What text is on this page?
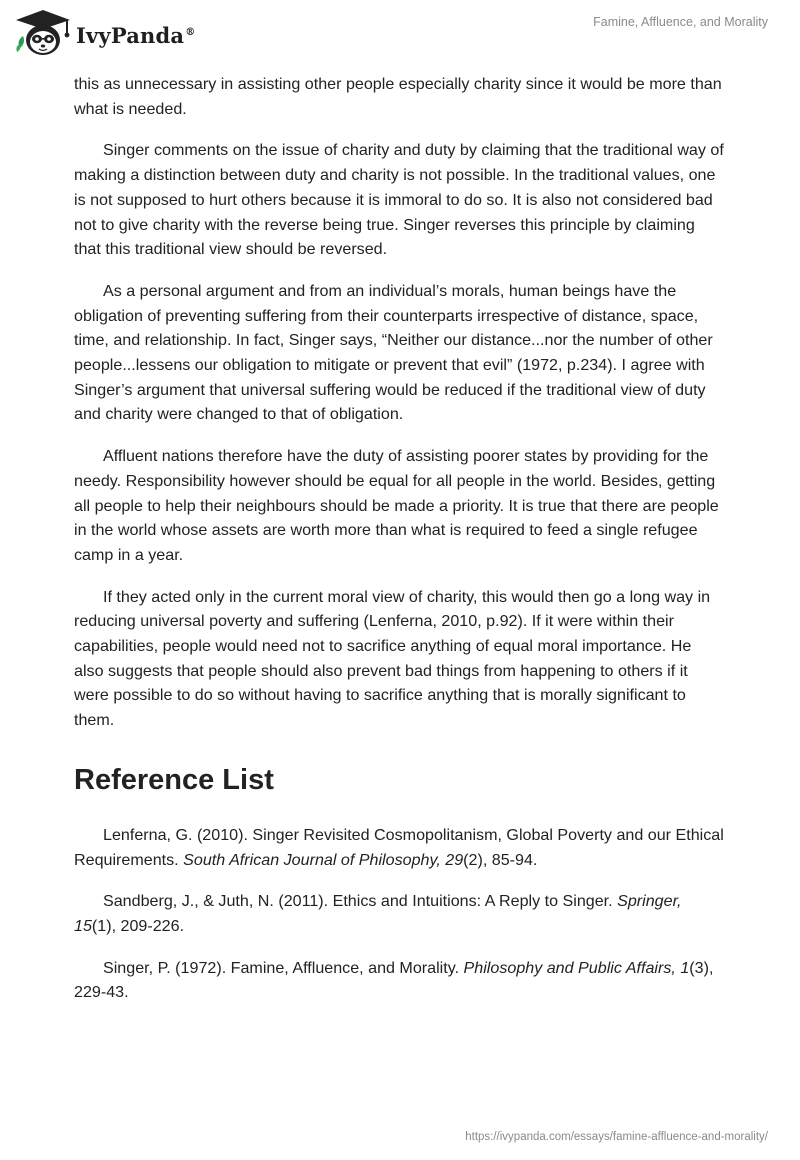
IvyPanda®
Famine, Affluence, and Morality

this as unnecessary in assisting other people especially charity since it would be more than what is needed.

Singer comments on the issue of charity and duty by claiming that the traditional way of making a distinction between duty and charity is not possible. In the traditional values, one is not supposed to hurt others because it is immoral to do so. It is also not considered bad not to give charity with the reverse being true. Singer reverses this principle by claiming that this traditional view should be reversed.

As a personal argument and from an individual’s morals, human beings have the obligation of preventing suffering from their counterparts irrespective of distance, space, time, and relationship. In fact, Singer says, “Neither our distance...nor the number of other people...lessens our obligation to mitigate or prevent that evil” (1972, p.234). I agree with Singer’s argument that universal suffering would be reduced if the traditional view of duty and charity were changed to that of obligation.

Affluent nations therefore have the duty of assisting poorer states by providing for the needy. Responsibility however should be equal for all people in the world. Besides, getting all people to help their neighbours should be made a priority. It is true that there are people in the world whose assets are worth more than what is required to feed a single refugee camp in a year.

If they acted only in the current moral view of charity, this would then go a long way in reducing universal poverty and suffering (Lenferna, 2010, p.92). If it were within their capabilities, people would need not to sacrifice anything of equal moral importance. He also suggests that people should also prevent bad things from happening to others if it were possible to do so without having to sacrifice anything that is morally significant to them.

Reference List

Lenferna, G. (2010). Singer Revisited Cosmopolitanism, Global Poverty and our Ethical Requirements. South African Journal of Philosophy, 29(2), 85-94.

Sandberg, J., & Juth, N. (2011). Ethics and Intuitions: A Reply to Singer. Springer, 15(1), 209-226.

Singer, P. (1972). Famine, Affluence, and Morality. Philosophy and Public Affairs, 1(3), 229-43.

https://ivypanda.com/essays/famine-affluence-and-morality/
